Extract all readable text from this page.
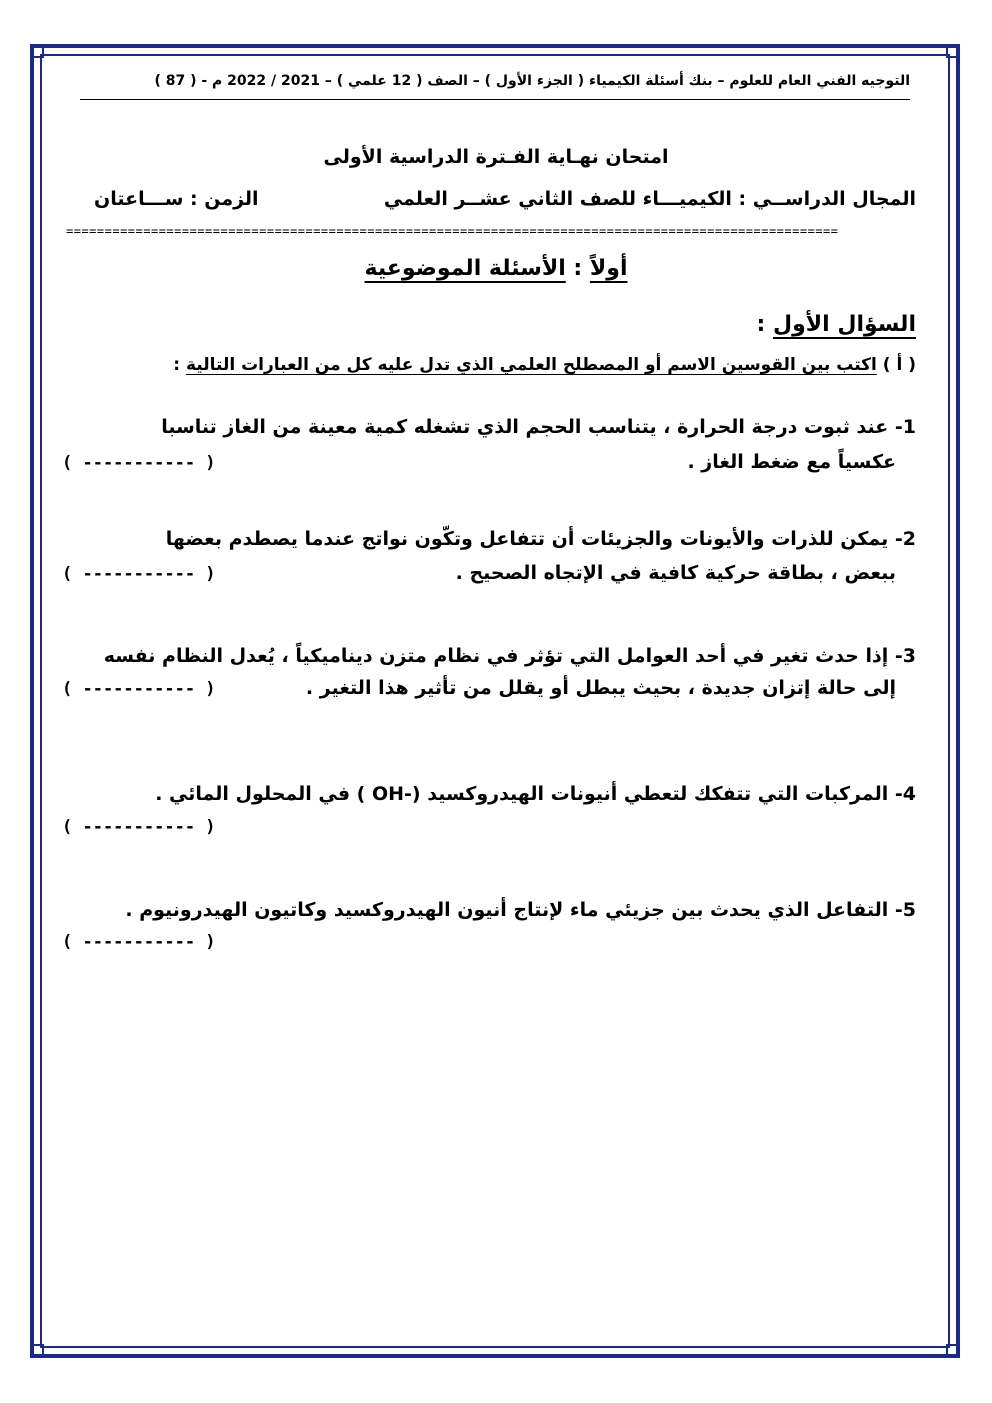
التوجيه الفني العام للعلوم – بنك أسئلة الكيمياء ( الجزء الأول ) – الصف ( 12 علمي ) – 2021 / 2022 م - ( 87 )
امتحان نهـاية الفـترة الدراسية الأولى
المجال الدراســي : الكيميـــاء للصف الثاني عشــر العلمي
الزمن : ســـاعتان
====================================================================================================
أولاً : الأسئلة الموضوعية
السؤال الأول :
( أ ) اكتب بين القوسين الاسم أو المصطلح العلمي الذي تدل عليه كل من العبارات التالية :
1- عند ثبوت درجة الحرارة ، يتناسب الحجم الذي تشغله كمية معينة من الغاز تناسبا
عكسياً مع ضغط الغاز .
( ----------- )
2- يمكن للذرات والأيونات والجزيئات أن تتفاعل وتكّون نواتج عندما يصطدم بعضها
ببعض ، بطاقة حركية كافية في الإتجاه الصحيح .
( ----------- )
3- إذا حدث تغير في أحد العوامل التي تؤثر في نظام متزن ديناميكياً ، يُعدل النظام نفسه
إلى حالة إتزان جديدة ، بحيث يبطل أو يقلل من تأثير هذا التغير .
( ----------- )
4- المركبات التي تتفكك لتعطي أنيونات الهيدروكسيد (-OH ) في المحلول المائي .
( ----------- )
5- التفاعل الذي يحدث بين جزيئي ماء لإنتاج أنيون الهيدروكسيد وكاتيون الهيدرونيوم .
( ----------- )
